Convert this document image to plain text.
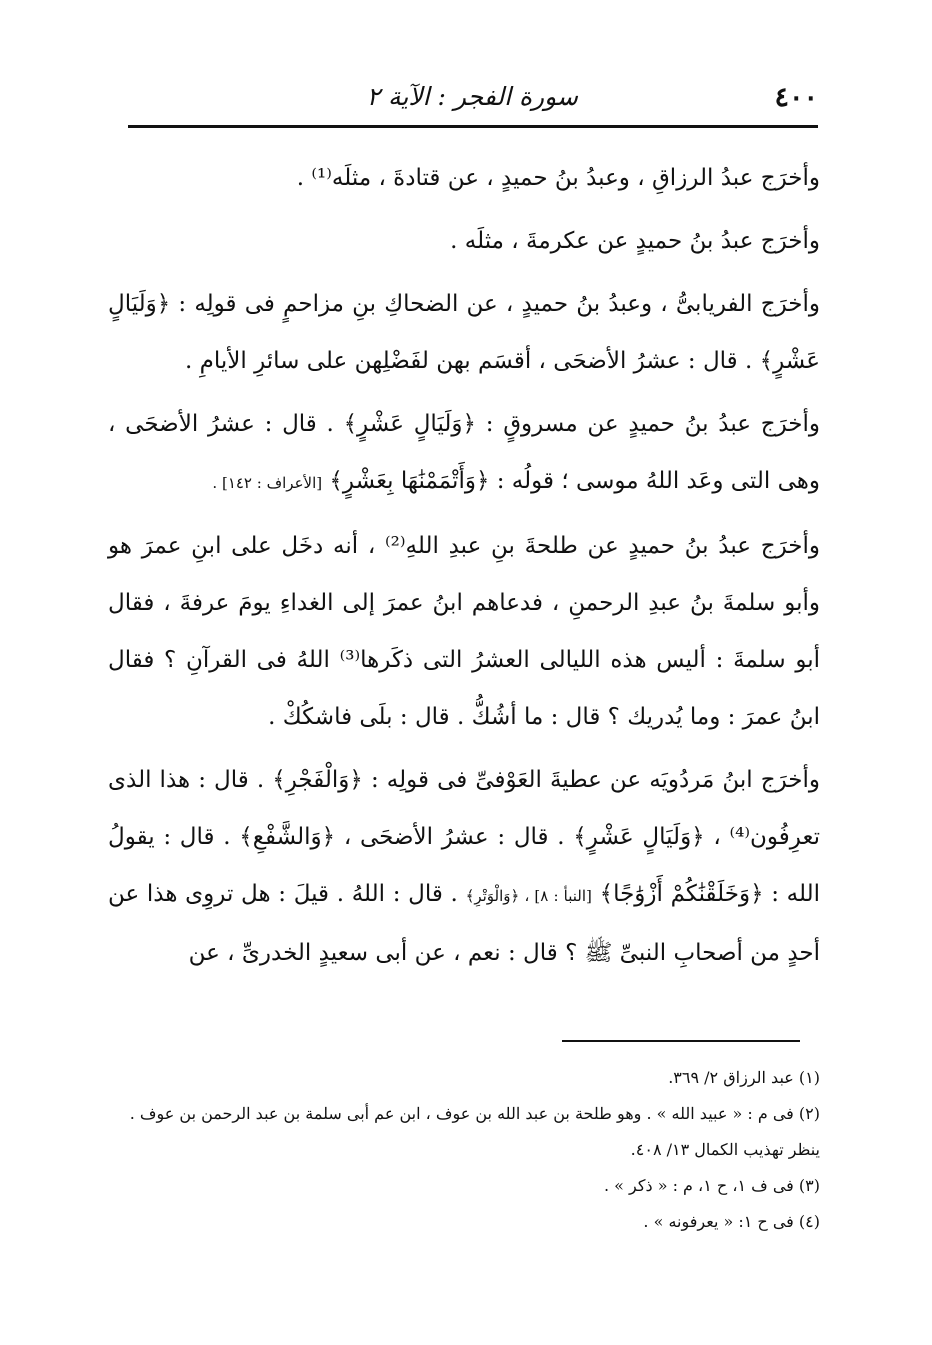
٤٠٠
سورة الفجر : الآية ٢

وأخرَج عبدُ الرزاقِ ، وعبدُ بنُ حميدٍ ، عن قتادةَ ، مثلَه⁽¹⁾ .

وأخرَج عبدُ بنُ حميدٍ عن عكرمةَ ، مثلَه .

وأخرَج الفريابىُّ ، وعبدُ بنُ حميدٍ ، عن الضحاكِ بنِ مزاحمٍ فى قولِه : ﴿وَلَيَالٍ عَشْرٍ﴾ . قال : عشرُ الأضحَى ، أقسَم بهن لفَضْلِهن على سائرِ الأيامِ .

وأخرَج عبدُ بنُ حميدٍ عن مسروقٍ : ﴿وَلَيَالٍ عَشْرٍ﴾ . قال : عشرُ الأضحَى ، وهى التى وعَد اللهُ موسى ؛ قولُه : ﴿وَأَتْمَمْنَٰهَا بِعَشْرٍ﴾ [الأعراف : ١٤٢] .

وأخرَج عبدُ بنُ حميدٍ عن طلحةَ بنِ عبدِ اللهِ⁽²⁾ ، أنه دخَل على ابنِ عمرَ هو وأبو سلمةَ بنُ عبدِ الرحمنِ ، فدعاهم ابنُ عمرَ إلى الغداءِ يومَ عرفةَ ، فقال أبو سلمةَ : أليس هذه الليالى العشرُ التى ذكَرها⁽³⁾ اللهُ فى القرآنِ ؟ فقال ابنُ عمرَ : وما يُدريك ؟ قال : ما أشُكُّ . قال : بلَى فاشكُكْ .

وأخرَج ابنُ مَردُويَه عن عطيةَ العَوْفىِّ فى قولِه : ﴿وَالْفَجْرِ﴾ . قال : هذا الذى تعرِفُون⁽⁴⁾ ، ﴿وَلَيَالٍ عَشْرٍ﴾ . قال : عشرُ الأضحَى ، ﴿وَالشَّفْعِ﴾ . قال : يقولُ الله : ﴿وَخَلَقْنَٰكُمْ أَزْوَٰجًا﴾ [النبأ : ٨] ، ﴿وَالْوَتْرِ﴾ . قال : اللهُ . قيلَ : هل تروِى هذا عن أحدٍ من أصحابِ النبىِّ ﷺ ؟ قال : نعم ، عن أبى سعيدٍ الخدرىِّ ، عن

(١) عبد الرزاق ٢/ ٣٦٩.

(٢) فى م : « عبيد الله » . وهو طلحة بن عبد الله بن عوف ، ابن عم أبى سلمة بن عبد الرحمن بن عوف .

ينظر تهذيب الكمال ١٣/ ٤٠٨.

(٣) فى ف ١، ح ١، م : « ذكر » .

(٤) فى ح ١: « يعرفونه » .
